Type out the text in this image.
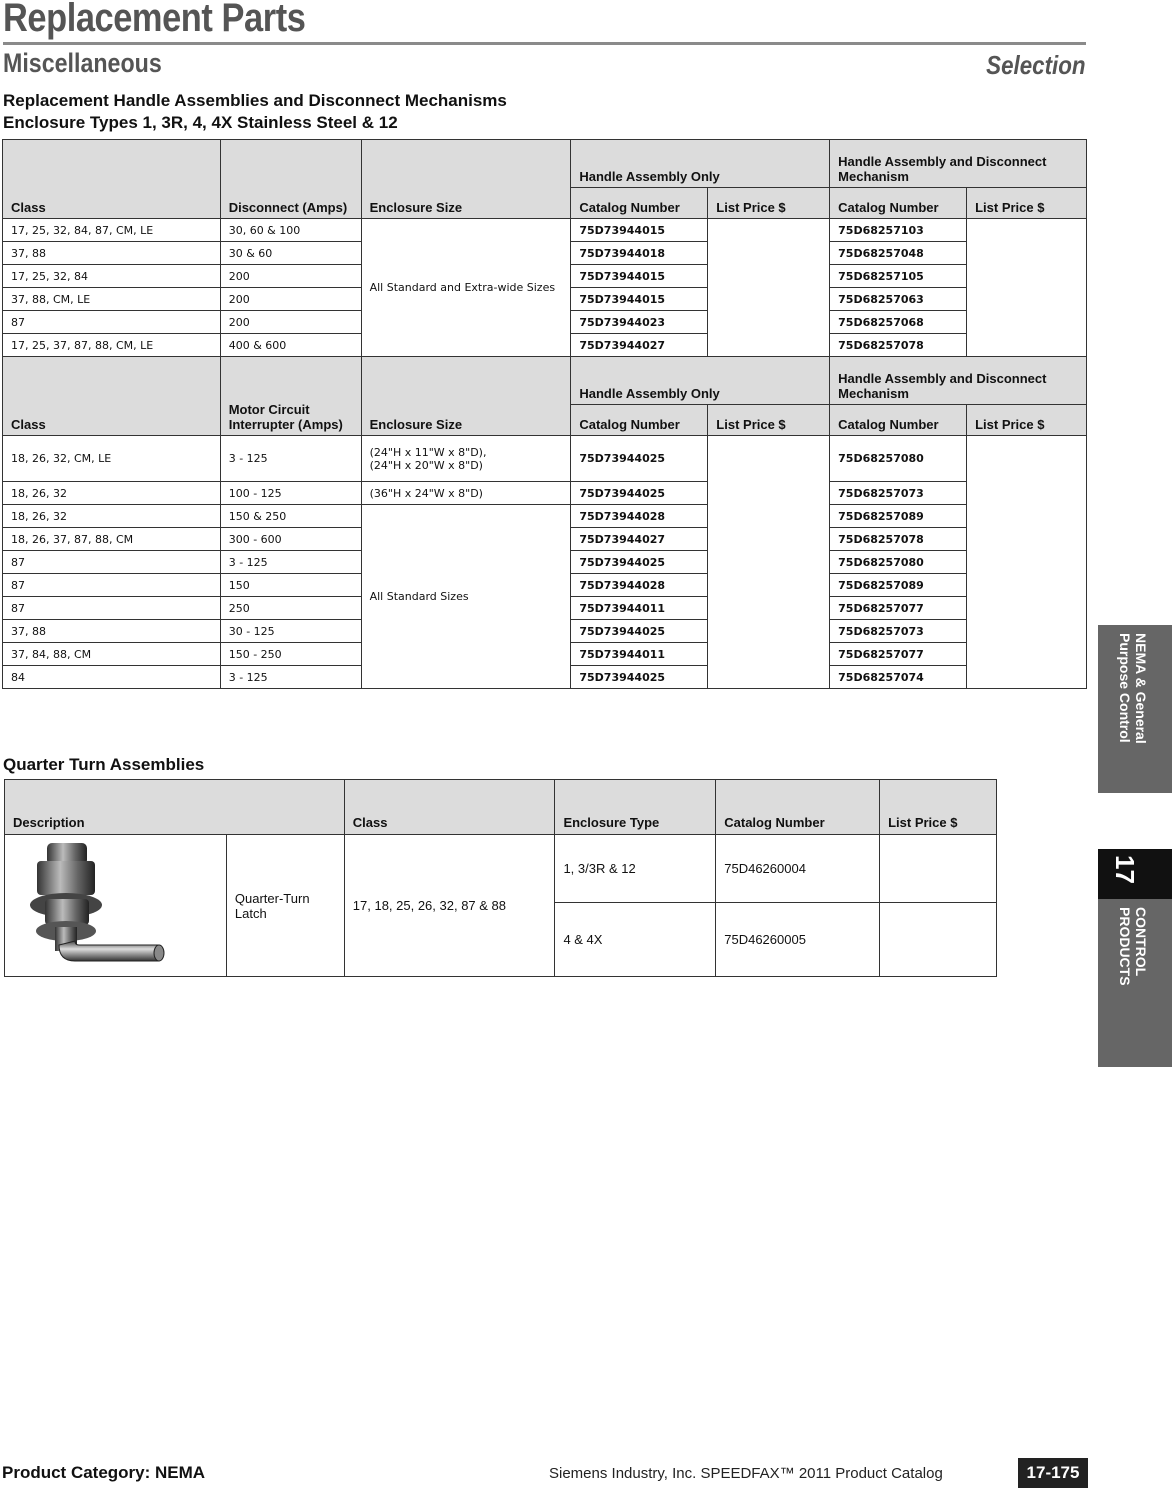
Replacement Parts
Miscellaneous	Selection
Replacement Handle Assemblies and Disconnect Mechanisms
Enclosure Types 1, 3R, 4, 4X Stainless Steel & 12
Class	Disconnect (Amps)	Enclosure Size	Handle Assembly Only		Handle Assembly and Disconnect Mechanism	
			Catalog Number	List Price $	Catalog Number	List Price $
17, 25, 32, 84, 87, CM, LE	30, 60 & 100	All Standard and Extra-wide Sizes	75D73944015		75D68257103	
37, 88	30 & 60		75D73944018		75D68257048	
17, 25, 32, 84	200		75D73944015		75D68257105	
37, 88, CM, LE	200		75D73944015		75D68257063	
87	200		75D73944023		75D68257068	
17, 25, 37, 87, 88, CM, LE	400 & 600		75D73944027		75D68257078	
Class	Motor Circuit Interrupter (Amps)	Enclosure Size	Handle Assembly Only		Handle Assembly and Disconnect Mechanism	
			Catalog Number	List Price $	Catalog Number	List Price $
18, 26, 32, CM, LE	3 - 125	(24"H x 11"W x 8"D),
(24"H x 20"W x 8"D)	75D73944025		75D68257080	
18, 26, 32	100 - 125	(36"H x 24"W x 8"D)	75D73944025		75D68257073	
18, 26, 32	150 & 250	All Standard Sizes	75D73944028		75D68257089	
18, 26, 37, 87, 88, CM	300 - 600		75D73944027		75D68257078	
87	3 - 125		75D73944025		75D68257080	
87	150		75D73944028		75D68257089	
87	250		75D73944011		75D68257077	
37, 88	30 - 125		75D73944025		75D68257073	
37, 84, 88, CM	150 - 250		75D73944011		75D68257077	
84	3 - 125		75D73944025		75D68257074	
Quarter Turn Assemblies
Description		Class	Enclosure Type	Catalog Number	List Price $
	Quarter-Turn Latch	17, 18, 25, 26, 32, 87 & 88	1, 3/3R & 12	75D46260004	
			4 & 4X	75D46260005	
NEMA & General
Purpose Control
17
CONTROL
PRODUCTS
Product Category: NEMA	Siemens Industry, Inc. SPEEDFAX™ 2011 Product Catalog	17-175
